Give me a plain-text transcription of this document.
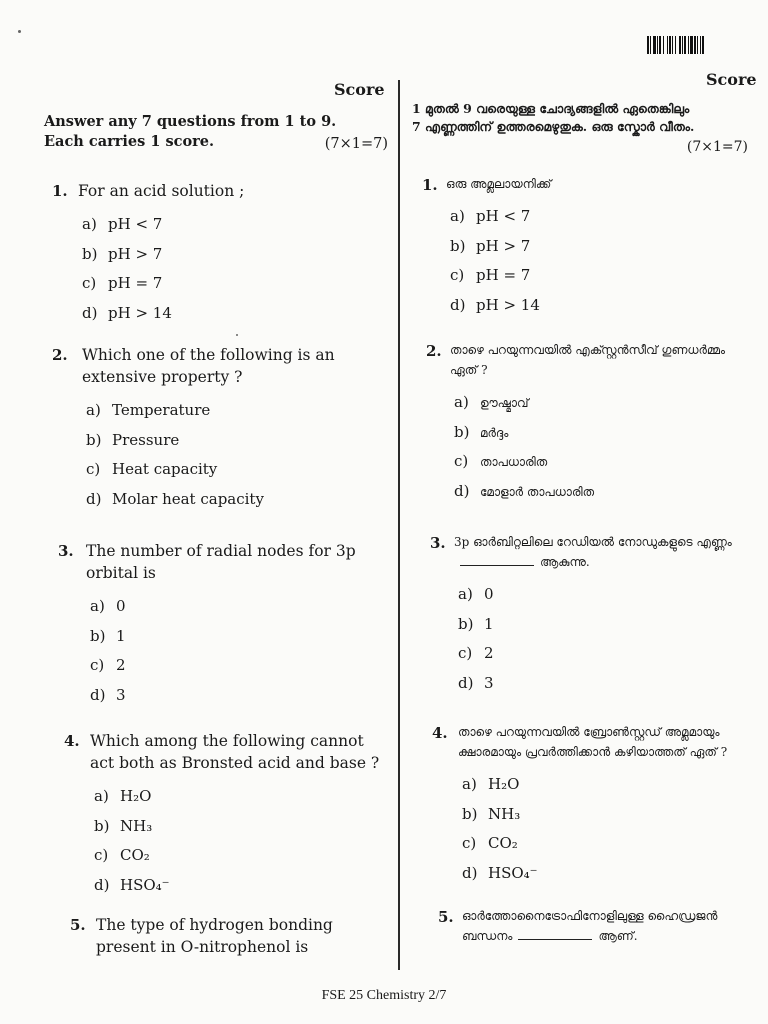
Score
Answer any 7 questions from 1 to 9.
Each carries 1 score.	(7×1=7)
1. For an acid solution ;
a) pH < 7
b) pH > 7
c) pH = 7
d) pH > 14
2. Which one of the following is an extensive property ?
a) Temperature
b) Pressure
c) Heat capacity
d) Molar heat capacity
3. The number of radial nodes for 3p orbital is
a) 0
b) 1
c) 2
d) 3
4. Which among the following cannot act both as Bronsted acid and base ?
a) H₂O
b) NH₃
c) CO₂
d) HSO₄⁻
5. The type of hydrogen bonding present in O-nitrophenol is
Score
1 മുതൽ 9 വരെയുള്ള ചോദ്യങ്ങളിൽ ഏതെങ്കിലും
7 എണ്ണത്തിന് ഉത്തരമെഴുതുക. ഒരു സ്കോർ വീതം.
(7×1=7)
1. ഒരു അമ്ലലായനിക്ക്
a) pH < 7
b) pH > 7
c) pH = 7
d) pH > 14
2. താഴെ പറയുന്നവയിൽ എക്സ്റ്റൻസീവ് ഗുണധർമ്മം ഏത് ?
a) ഊഷ്മാവ്
b) മർദ്ദം
c) താപധാരിത
d) മോളാർ താപധാരിത
3. 3p ഓർബിറ്റലിലെ റേഡിയൽ നോഡുകളുടെ എണ്ണംആകുന്നു.
a) 0
b) 1
c) 2
d) 3
4. താഴെ പറയുന്നവയിൽ ബ്രോൺസ്റ്റഡ് അമ്ലമായും ക്ഷാരമായും പ്രവർത്തിക്കാൻ കഴിയാത്തത് ഏത് ?
a) H₂O
b) NH₃
c) CO₂
d) HSO₄⁻
5. ഓർത്തോനൈട്രോഫിനോളിലുള്ള ഹൈഡ്രജൻ ബന്ധനം	ആണ്.
FSE 25 Chemistry 2/7
